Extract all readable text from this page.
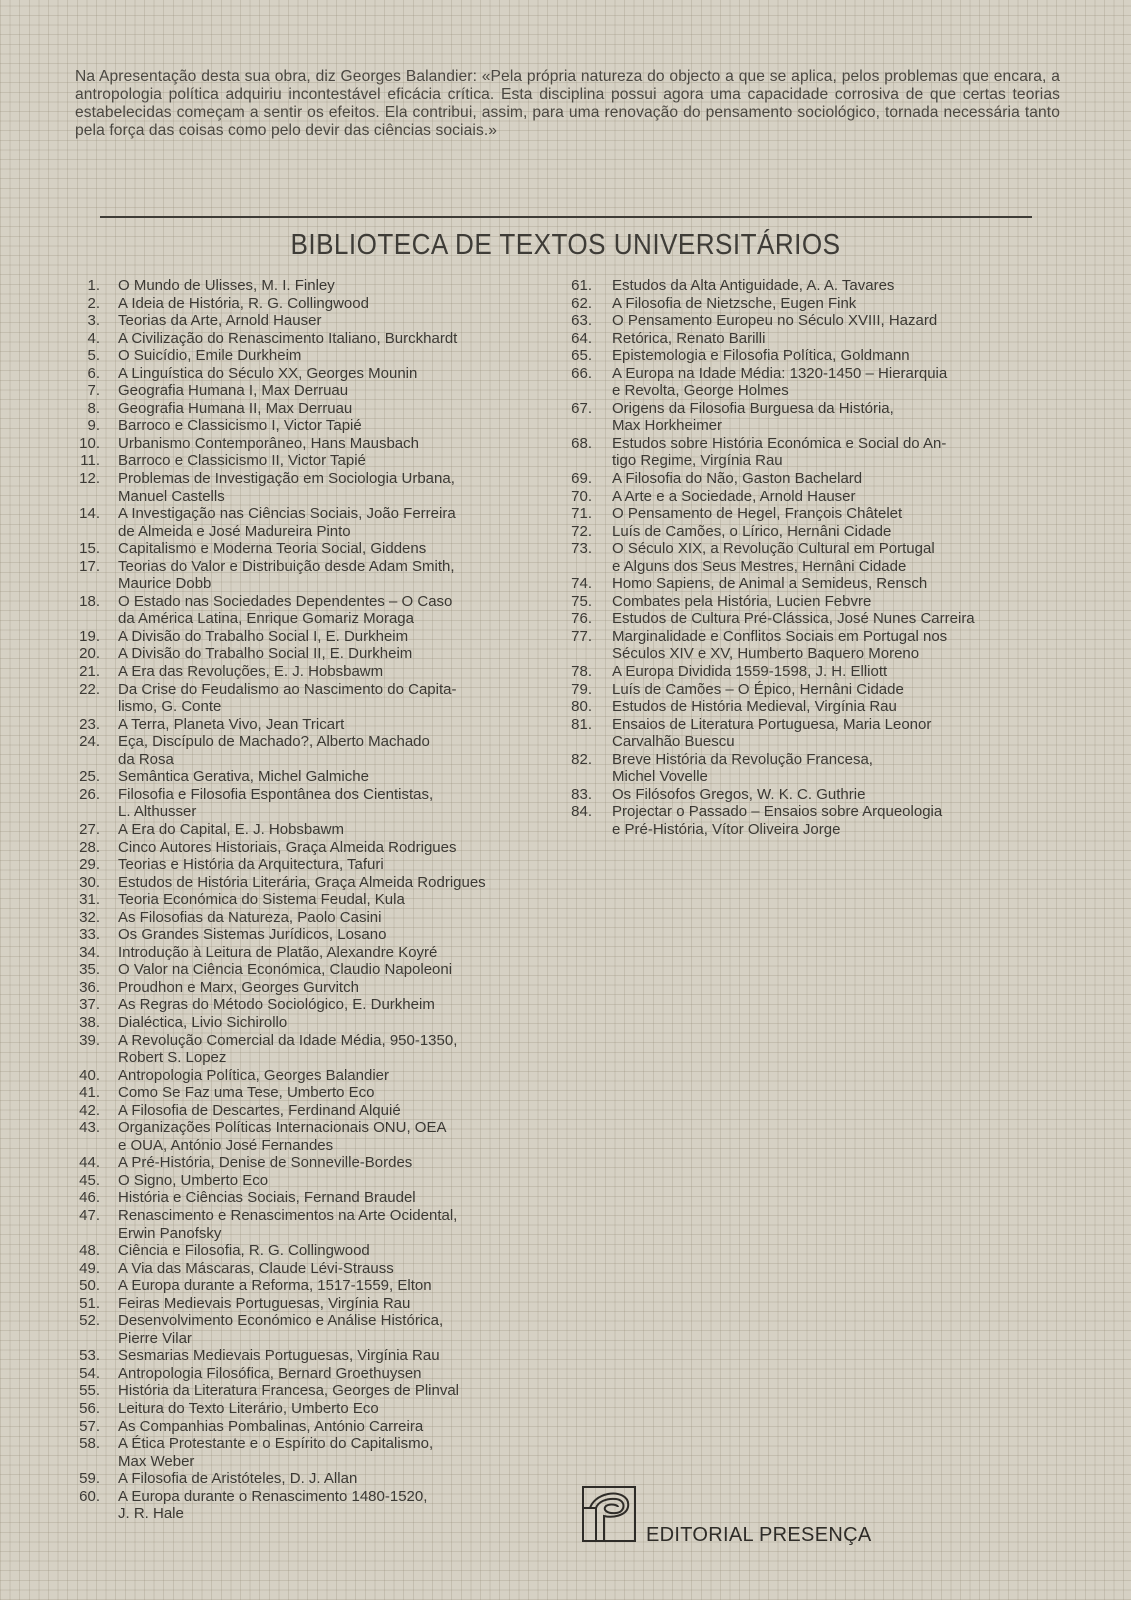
Na Apresentação desta sua obra, diz Georges Balandier: «Pela própria natureza do objecto a que se aplica, pelos problemas que encara, a antropologia política adquiriu incontestável eficácia crítica. Esta disciplina possui agora uma capacidade corrosiva de que certas teorias estabelecidas começam a sentir os efeitos. Ela contribui, assim, para uma renovação do pensamento sociológico, tornada necessária tanto pela força das coisas como pelo devir das ciências sociais.»

BIBLIOTECA DE TEXTOS UNIVERSITÁRIOS
1. O Mundo de Ulisses, M. I. Finley
2. A Ideia de História, R. G. Collingwood
3. Teorias da Arte, Arnold Hauser
4. A Civilização do Renascimento Italiano, Burckhardt
5. O Suicídio, Emile Durkheim
6. A Linguística do Século XX, Georges Mounin
7. Geografia Humana I, Max Derruau
8. Geografia Humana II, Max Derruau
9. Barroco e Classicismo I, Victor Tapié
10. Urbanismo Contemporâneo, Hans Mausbach
11. Barroco e Classicismo II, Victor Tapié
12. Problemas de Investigação em Sociologia Urbana,
Manuel Castells
14. A Investigação nas Ciências Sociais, João Ferreira
de Almeida e José Madureira Pinto
15. Capitalismo e Moderna Teoria Social, Giddens
17. Teorias do Valor e Distribuição desde Adam Smith,
Maurice Dobb
18. O Estado nas Sociedades Dependentes – O Caso
da América Latina, Enrique Gomariz Moraga
19. A Divisão do Trabalho Social I, E. Durkheim
20. A Divisão do Trabalho Social II, E. Durkheim
21. A Era das Revoluções, E. J. Hobsbawm
22. Da Crise do Feudalismo ao Nascimento do Capita-
lismo, G. Conte
23. A Terra, Planeta Vivo, Jean Tricart
24. Eça, Discípulo de Machado?, Alberto Machado
da Rosa
25. Semântica Gerativa, Michel Galmiche
26. Filosofia e Filosofia Espontânea dos Cientistas,
L. Althusser
27. A Era do Capital, E. J. Hobsbawm
28. Cinco Autores Historiais, Graça Almeida Rodrigues
29. Teorias e História da Arquitectura, Tafuri
30. Estudos de História Literária, Graça Almeida Rodrigues
31. Teoria Económica do Sistema Feudal, Kula
32. As Filosofias da Natureza, Paolo Casini
33. Os Grandes Sistemas Jurídicos, Losano
34. Introdução à Leitura de Platão, Alexandre Koyré
35. O Valor na Ciência Económica, Claudio Napoleoni
36. Proudhon e Marx, Georges Gurvitch
37. As Regras do Método Sociológico, E. Durkheim
38. Dialéctica, Livio Sichirollo
39. A Revolução Comercial da Idade Média, 950-1350,
Robert S. Lopez
40. Antropologia Política, Georges Balandier
41. Como Se Faz uma Tese, Umberto Eco
42. A Filosofia de Descartes, Ferdinand Alquié
43. Organizações Políticas Internacionais ONU, OEA
e OUA, António José Fernandes
44. A Pré-História, Denise de Sonneville-Bordes
45. O Signo, Umberto Eco
46. História e Ciências Sociais, Fernand Braudel
47. Renascimento e Renascimentos na Arte Ocidental,
Erwin Panofsky
48. Ciência e Filosofia, R. G. Collingwood
49. A Via das Máscaras, Claude Lévi-Strauss
50. A Europa durante a Reforma, 1517-1559, Elton
51. Feiras Medievais Portuguesas, Virgínia Rau
52. Desenvolvimento Económico e Análise Histórica,
Pierre Vilar
53. Sesmarias Medievais Portuguesas, Virgínia Rau
54. Antropologia Filosófica, Bernard Groethuysen
55. História da Literatura Francesa, Georges de Plinval
56. Leitura do Texto Literário, Umberto Eco
57. As Companhias Pombalinas, António Carreira
58. A Ética Protestante e o Espírito do Capitalismo,
Max Weber
59. A Filosofia de Aristóteles, D. J. Allan
60. A Europa durante o Renascimento 1480-1520,
J. R. Hale
61. Estudos da Alta Antiguidade, A. A. Tavares
62. A Filosofia de Nietzsche, Eugen Fink
63. O Pensamento Europeu no Século XVIII, Hazard
64. Retórica, Renato Barilli
65. Epistemologia e Filosofia Política, Goldmann
66. A Europa na Idade Média: 1320-1450 – Hierarquia
e Revolta, George Holmes
67. Origens da Filosofia Burguesa da História,
Max Horkheimer
68. Estudos sobre História Económica e Social do An-
tigo Regime, Virgínia Rau
69. A Filosofia do Não, Gaston Bachelard
70. A Arte e a Sociedade, Arnold Hauser
71. O Pensamento de Hegel, François Châtelet
72. Luís de Camões, o Lírico, Hernâni Cidade
73. O Século XIX, a Revolução Cultural em Portugal
e Alguns dos Seus Mestres, Hernâni Cidade
74. Homo Sapiens, de Animal a Semideus, Rensch
75. Combates pela História, Lucien Febvre
76. Estudos de Cultura Pré-Clássica, José Nunes Carreira
77. Marginalidade e Conflitos Sociais em Portugal nos
Séculos XIV e XV, Humberto Baquero Moreno
78. A Europa Dividida 1559-1598, J. H. Elliott
79. Luís de Camões – O Épico, Hernâni Cidade
80. Estudos de História Medieval, Virgínia Rau
81. Ensaios de Literatura Portuguesa, Maria Leonor
Carvalhão Buescu
82. Breve História da Revolução Francesa,
Michel Vovelle
83. Os Filósofos Gregos, W. K. C. Guthrie
84. Projectar o Passado – Ensaios sobre Arqueologia
e Pré-História, Vítor Oliveira Jorge
EDITORIAL PRESENÇA
